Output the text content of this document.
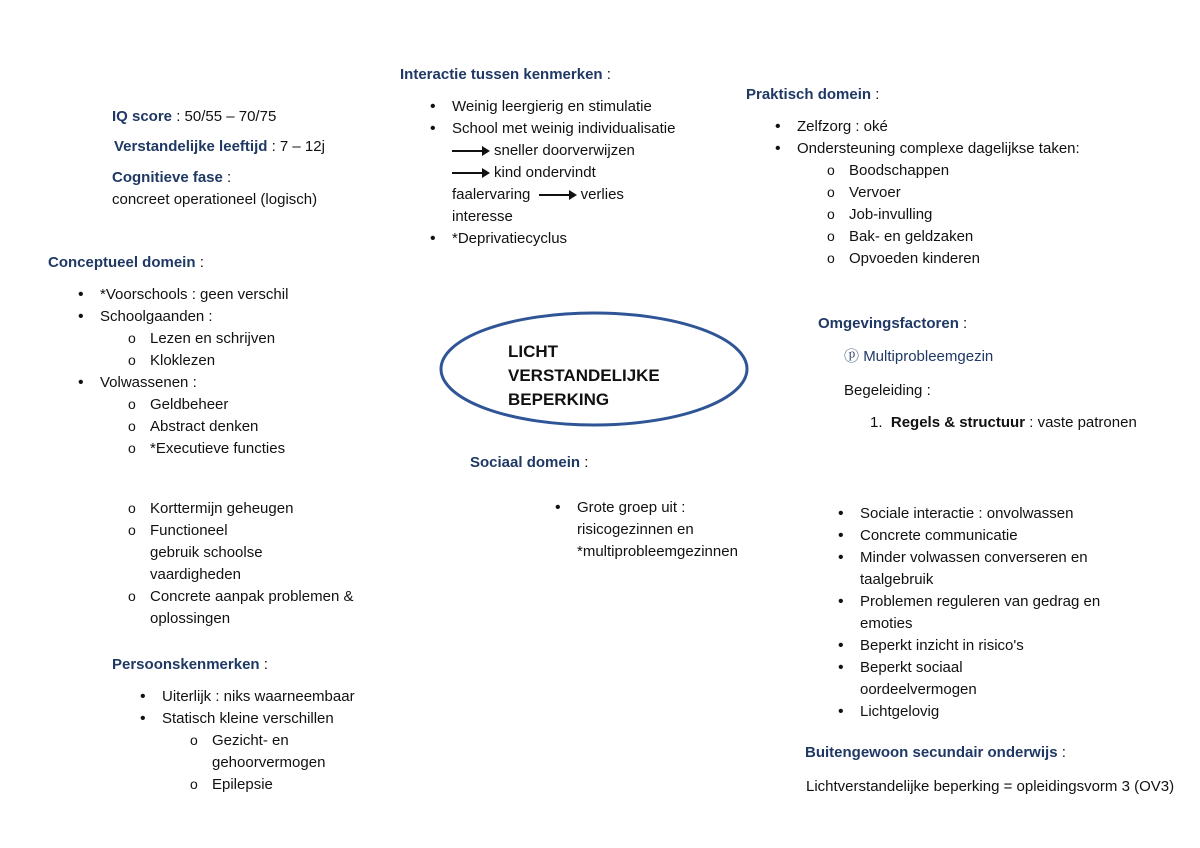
LICHT
VERSTANDELIJKE
BEPERKING
IQ score : 50/55 – 70/75
Verstandelijke leeftijd : 7 – 12j
Cognitieve fase :
concreet operationeel (logisch)
Conceptueel domein :
• *Voorschools : geen verschil
• Schoolgaanden :
o Lezen en schrijven
o Kloklezen
• Volwassenen :
o Geldbeheer
o Abstract denken
o *Executieve functies
o Korttermijn geheugen
o Functioneel gebruik schoolse vaardigheden
o Concrete aanpak problemen & oplossingen
Persoonskenmerken :
• Uiterlijk : niks waarneembaar
• Statisch kleine verschillen
o Gezicht- en gehoorvermogen
o Epilepsie
Interactie tussen kenmerken :
• Weinig leergierig en stimulatie
• School met weinig individualisatie
sneller doorverwijzen
kind ondervindt
faalervaring	verlies
interesse
• *Deprivatiecyclus
Sociaal domein :
• Grote groep uit : risicogezinnen en *multiprobleemgezinnen
• Sociale interactie : onvolwassen
• Concrete communicatie
• Minder volwassen converseren en taalgebruik
• Problemen reguleren van gedrag en emoties
• Beperkt inzicht in risico's
• Beperkt sociaal oordeelvermogen
• Lichtgelovig
Praktisch domein :
• Zelfzorg : oké
• Ondersteuning complexe dagelijkse taken:
o Boodschappen
o Vervoer
o Job-invulling
o Bak- en geldzaken
o Opvoeden kinderen
Omgevingsfactoren :
ⓟ Multiprobleemgezin
Begeleiding :
1. Regels & structuur : vaste patronen
Buitengewoon secundair onderwijs :
Lichtverstandelijke beperking = opleidingsvorm 3 (OV3)
